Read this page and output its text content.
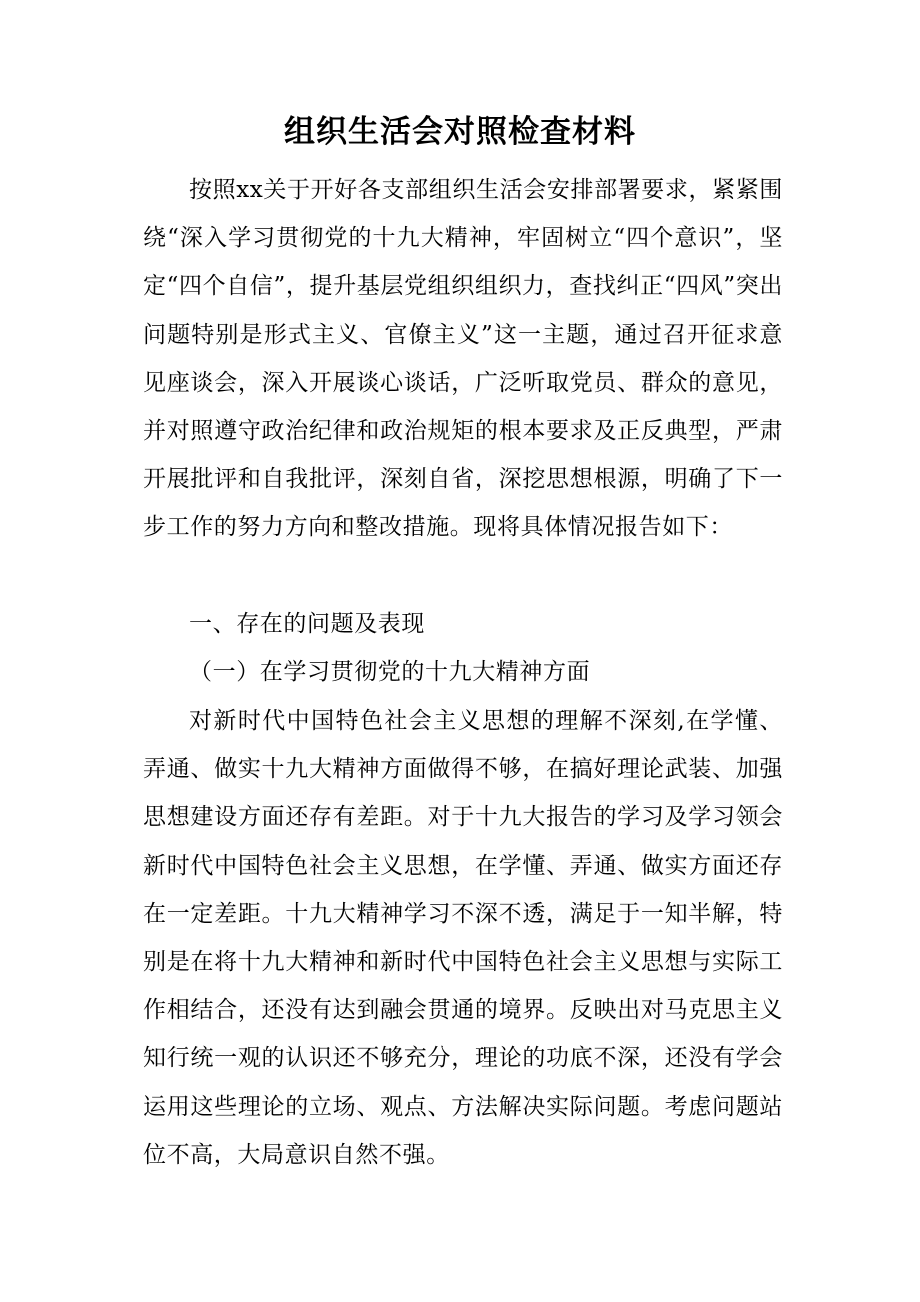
组织生活会对照检查材料

按照xx关于开好各支部组织生活会安排部署要求，紧紧围绕“深入学习贯彻党的十九大精神，牢固树立“四个意识”，坚定“四个自信”，提升基层党组织组织力，查找纠正“四风”突出问题特别是形式主义、官僚主义”这一主题，通过召开征求意见座谈会，深入开展谈心谈话，广泛听取党员、群众的意见，并对照遵守政治纪律和政治规矩的根本要求及正反典型，严肃开展批评和自我批评，深刻自省，深挖思想根源，明确了下一步工作的努力方向和整改措施。现将具体情况报告如下：

一、存在的问题及表现

（一）在学习贯彻党的十九大精神方面

对新时代中国特色社会主义思想的理解不深刻,在学懂、弄通、做实十九大精神方面做得不够，在搞好理论武装、加强思想建设方面还存有差距。对于十九大报告的学习及学习领会新时代中国特色社会主义思想，在学懂、弄通、做实方面还存在一定差距。十九大精神学习不深不透，满足于一知半解，特别是在将十九大精神和新时代中国特色社会主义思想与实际工作相结合，还没有达到融会贯通的境界。反映出对马克思主义知行统一观的认识还不够充分，理论的功底不深，还没有学会运用这些理论的立场、观点、方法解决实际问题。考虑问题站位不高，大局意识自然不强。
